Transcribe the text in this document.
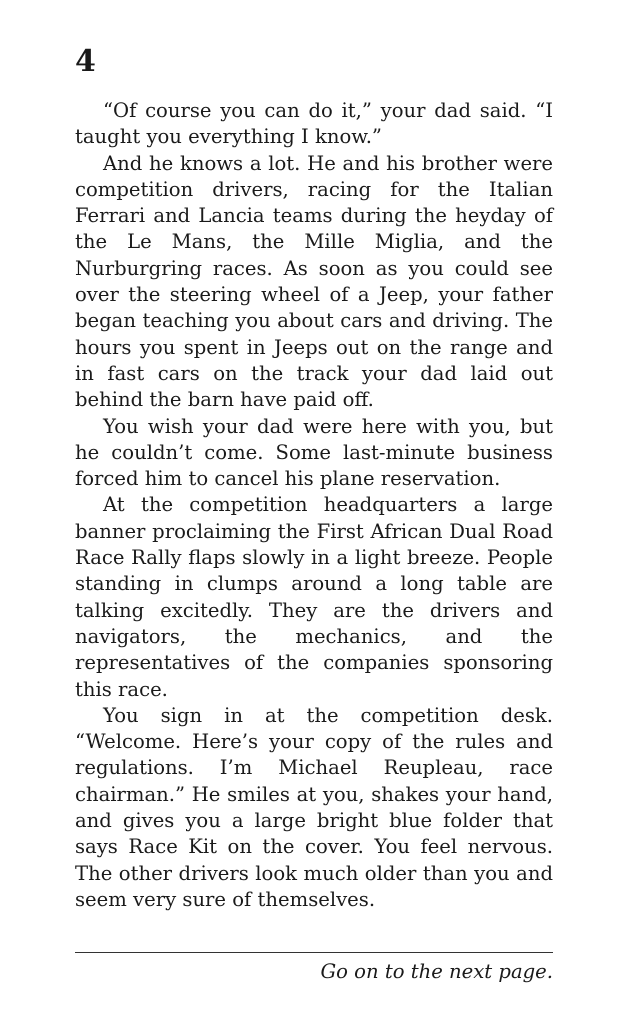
4

“Of course you can do it,” your dad said. “I taught you everything I know.”

And he knows a lot. He and his brother were competition drivers, racing for the Italian Ferrari and Lancia teams during the heyday of the Le Mans, the Mille Miglia, and the Nurburgring races. As soon as you could see over the steering wheel of a Jeep, your father began teaching you about cars and driving. The hours you spent in Jeeps out on the range and in fast cars on the track your dad laid out behind the barn have paid off.

You wish your dad were here with you, but he couldn’t come. Some last-minute business forced him to cancel his plane reservation.

At the competition headquarters a large banner proclaiming the First African Dual Road Race Rally flaps slowly in a light breeze. People standing in clumps around a long table are talking excitedly. They are the drivers and navigators, the mechanics, and the representatives of the companies sponsoring this race.

You sign in at the competition desk. “Welcome. Here’s your copy of the rules and regulations. I’m Michael Reupleau, race chairman.” He smiles at you, shakes your hand, and gives you a large bright blue folder that says Race Kit on the cover. You feel nervous. The other drivers look much older than you and seem very sure of themselves.

Go on to the next page.
